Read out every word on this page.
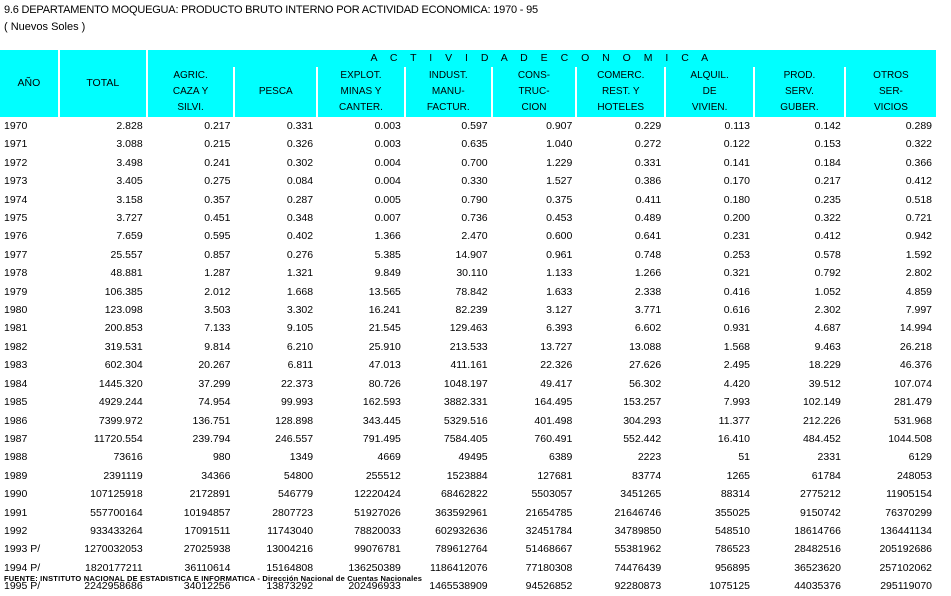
9.6 DEPARTAMENTO MOQUEGUA: PRODUCTO BRUTO INTERNO POR ACTIVIDAD ECONOMICA: 1970 - 95
( Nuevos Soles )
AÑO	TOTAL	A C T I V I D A D E C O N O M I C A								

		AGRIC.
CAZA Y
SILVI.	PESCA	EXPLOT.
MINAS Y
CANTER.	INDUST.
MANU-
FACTUR.	CONS-
TRUC-
CION	COMERC.
REST. Y
HOTELES	ALQUIL.
DE
VIVIEN.	PROD.
SERV.
GUBER.	OTROS
SER-
VICIOS

1970	2.828	0.217	0.331	0.003	0.597	0.907	0.229	0.113	0.142	0.289
1971	3.088	0.215	0.326	0.003	0.635	1.040	0.272	0.122	0.153	0.322
1972	3.498	0.241	0.302	0.004	0.700	1.229	0.331	0.141	0.184	0.366
1973	3.405	0.275	0.084	0.004	0.330	1.527	0.386	0.170	0.217	0.412
1974	3.158	0.357	0.287	0.005	0.790	0.375	0.411	0.180	0.235	0.518
1975	3.727	0.451	0.348	0.007	0.736	0.453	0.489	0.200	0.322	0.721
1976	7.659	0.595	0.402	1.366	2.470	0.600	0.641	0.231	0.412	0.942
1977	25.557	0.857	0.276	5.385	14.907	0.961	0.748	0.253	0.578	1.592
1978	48.881	1.287	1.321	9.849	30.110	1.133	1.266	0.321	0.792	2.802
1979	106.385	2.012	1.668	13.565	78.842	1.633	2.338	0.416	1.052	4.859
1980	123.098	3.503	3.302	16.241	82.239	3.127	3.771	0.616	2.302	7.997
1981	200.853	7.133	9.105	21.545	129.463	6.393	6.602	0.931	4.687	14.994
1982	319.531	9.814	6.210	25.910	213.533	13.727	13.088	1.568	9.463	26.218
1983	602.304	20.267	6.811	47.013	411.161	22.326	27.626	2.495	18.229	46.376
1984	1445.320	37.299	22.373	80.726	1048.197	49.417	56.302	4.420	39.512	107.074
1985	4929.244	74.954	99.993	162.593	3882.331	164.495	153.257	7.993	102.149	281.479
1986	7399.972	136.751	128.898	343.445	5329.516	401.498	304.293	11.377	212.226	531.968
1987	11720.554	239.794	246.557	791.495	7584.405	760.491	552.442	16.410	484.452	1044.508
1988	73616	980	1349	4669	49495	6389	2223	51	2331	6129
1989	2391119	34366	54800	255512	1523884	127681	83774	1265	61784	248053
1990	107125918	2172891	546779	12220424	68462822	5503057	3451265	88314	2775212	11905154
1991	557700164	10194857	2807723	51927026	363592961	21654785	21646746	355025	9150742	76370299
1992	933433264	17091511	11743040	78820033	602932636	32451784	34789850	548510	18614766	136441134
1993 P/	1270032053	27025938	13004216	99076781	789612764	51468667	55381962	786523	28482516	205192686
1994 P/	1820177211	36110614	15164808	136250389	1186412076	77180308	74476439	956895	36523620	257102062
1995 P/	2242958686	34012256	13873292	202496933	1465538909	94526852	92280873	1075125	44035376	295119070
FUENTE: INSTITUTO NACIONAL DE ESTADISTICA E INFORMATICA - Dirección Nacional de Cuentas Nacionales
